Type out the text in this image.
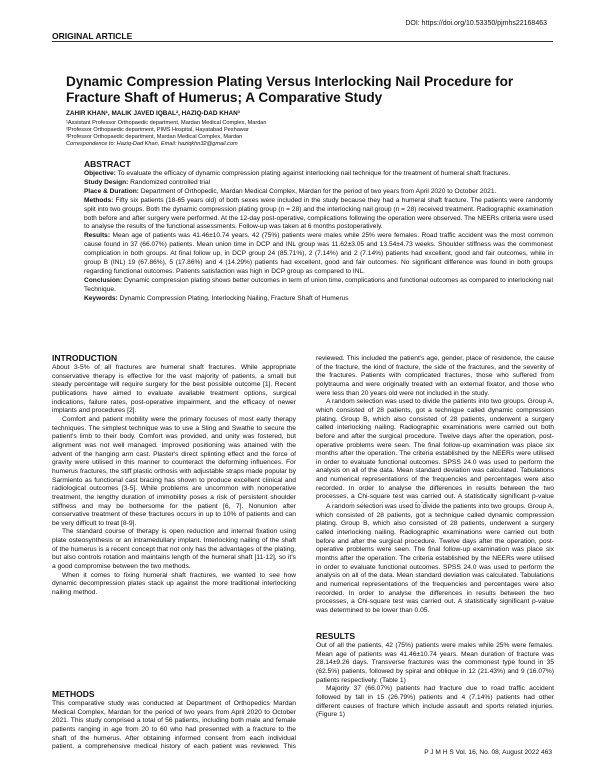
DOI: https://doi.org/10.53350/pjmhs22168463
ORIGINAL ARTICLE
Dynamic Compression Plating Versus Interlocking Nail Procedure for Fracture Shaft of Humerus; A Comparative Study
ZAHIR KHAN¹, MALIK JAVED IQBAL², HAZIQ-DAD KHAN³
¹Assistant Professor Orthopaedic department, Mardan Medical Complex, Mardan
²Professor Orthopaedic department, PIMS Hospital, Hayatabad Peshawar
³Professor Orthopaedic department, Mardan Medical Complex, Mardan
Correspondence to: Haziq-Dad Khan, Email: haziqkhn32@gmail.com
ABSTRACT
Objective: To evaluate the efficacy of dynamic compression plating against interlocking nail technique for the treatment of humeral shaft fractures.
Study Design: Randomized controlled trial
Place & Duration: Department of Orthopedic, Mardan Medical Complex, Mardan for the period of two years from April 2020 to October 2021.
Methods: Fifty six patients (18-65 years old) of both sexes were included in the study because they had a humeral shaft fracture. The patients were randomly split into two groups. Both the dynamic compression plating group (n = 28) and the interlocking nail group (n = 28) received treatment. Radiographic examination both before and after surgery were performed. At the 12-day post-operative, complications following the operation were observed. The NEERs criteria were used to analyse the results of the functional assessments. Follow-up was taken at 6 months postoperatively.
Results: Mean age of patients was 41.46±10.74 years. 42 (75%) patients were males while 25% were females. Road traffic accident was the most common cause found in 37 (66.07%) patients. Mean union time in DCP and INL group was 11.62±3.05 and 13.54±4.73 weeks. Shoulder stiffness was the commonest complication in both groups. At final follow up, in DCP group 24 (85.71%), 2 (7.14%) and 2 (7.14%) patients had excellent, good and fair outcomes, while in group B (INL) 19 (67.86%), 5 (17.86%) and 4 (14.29%) patients had excellent, good and fair outcomes. No significant difference was found in both groups regarding functional outcomes. Patients satisfaction was high in DCP group as compared to INL.
Conclusion: Dynamic compression plating shows better outcomes in term of union time, complications and functional outcomes as compared to interlocking nail Technique.
Keywords: Dynamic Compression Plating, Interlocking Nailing, Fracture Shaft of Humerus
INTRODUCTION

About 3-5% of all fractures are humeral shaft fractures. While appropriate conservative therapy is effective for the vast majority of patients, a small but steady percentage will require surgery for the best possible outcome [1]. Recent publications have aimed to evaluate available treatment options, surgical indications, failure rates, post-operative impairment, and the efficacy of newer implants and procedures [2].

Comfort and patient mobility were the primary focuses of most early therapy techniques. The simplest technique was to use a Sling and Swathe to secure the patient's limb to their body. Comfort was provided, and unity was fostered, but alignment was not well managed. Improved positioning was attained with the advent of the hanging arm cast. Plaster's direct splinting effect and the force of gravity were utilised in this manner to counteract the deforming influences. For humerus fractures, the stiff plastic orthosis with adjustable straps made popular by Sarmiento as functional cast bracing has shown to produce excellent clinical and radiological outcomes [3-5]. While problems are uncommon with nonoperative treatment, the lengthy duration of immobility poses a risk of persistent shoulder stiffness and may be bothersome for the patient [6, 7]. Nonunion after conservative treatment of these fractures occurs in up to 10% of patients and can be very difficult to treat [8-9].

The standard course of therapy is open reduction and internal fixation using plate osteosynthesis or an intramedullary implant. Interlocking nailing of the shaft of the humerus is a recent concept that not only has the advantages of the plating, but also controls rotation and maintains length of the humeral shaft [11-12], so it's a good compromise between the two methods.

When it comes to fixing humeral shaft fractures, we wanted to see how dynamic decompression plates stack up against the more traditional interlocking nailing method.

METHODS

This comparative study was conducted at Department of Orthopedics Mardan Medical Complex, Mardan for the period of two years from April 2020 to October 2021. This study comprised a total of 56 patients, including both male and female patients ranging in age from 20 to 60 who had presented with a fracture to the shaft of the humerus. After obtaining informed consent from each individual patient, a comprehensive medical history of each patient was reviewed. This

reviewed. This included the patient's age, gender, place of residence, the cause of the fracture, the kind of fracture, the side of the fractures, and the severity of the fractures. Patients with complicated fractures, those who suffered from polytrauma and were originally treated with an external fixator, and those who were less than 20 years old were not included in the study.

A random selection was used to divide the patients into two groups. Group A, which consisted of 28 patients, got a technique called dynamic compression plating. Group B, which also consisted of 28 patients, underwent a surgery called interlocking nailing. Radiographic examinations were carried out both before and after the surgical procedure. Twelve days after the operation, post-operative problems were seen. The final follow-up examination was place six months after the operation. The criteria established by the NEERs were utilised in order to evaluate functional outcomes. SPSS 24.0 was used to perform the analysis on all of the data. Mean standard deviation was calculated. Tabulations and numerical representations of the frequencies and percentages were also recorded. In order to analyse the differences in results between the two processes, a Chi-square test was carried out. A statistically significant p-value

A random selection was used to divide the patients into two groups. Group A, which consisted of 28 patients, got a technique called dynamic compression plating. Group B, which also consisted of 28 patients, underwent a surgery called interlocking nailing. Radiographic examinations were carried out both before and after the surgical procedure. Twelve days after the operation, post-operative problems were seen. The final follow-up examination was place six months after the operation. The criteria established by the NEERs were utilised in order to evaluate functional outcomes. SPSS 24.0 was used to perform the analysis on all of the data. Mean standard deviation was calculated. Tabulations and numerical representations of the frequencies and percentages were also recorded. In order to analyse the differences in results between the two processes, a Chi-square test was carried out. A statistically significant p-value was determined to be lower than 0.05.

RESULTS

Out of all the patients, 42 (75%) patients were males while 25% were females. Mean age of patients was 41.46±10.74 years. Mean duration of fracture was 28.14±9.26 days. Transverse fractures was the commonest type found in 35 (62.5%) patients, followed by spiral and oblique in 12 (21.43%) and 9 (16.07%) patients respectively. (Table 1)

Majority 37 (66.07%) patients had fracture due to road traffic accident followed by fall in 15 (26.79%) patients and 4 (7.14%) patients had other different causes of fracture which include assault and sports related injuries. (Figure 1)

P J M H S Vol. 16, No. 08, August 2022 463
